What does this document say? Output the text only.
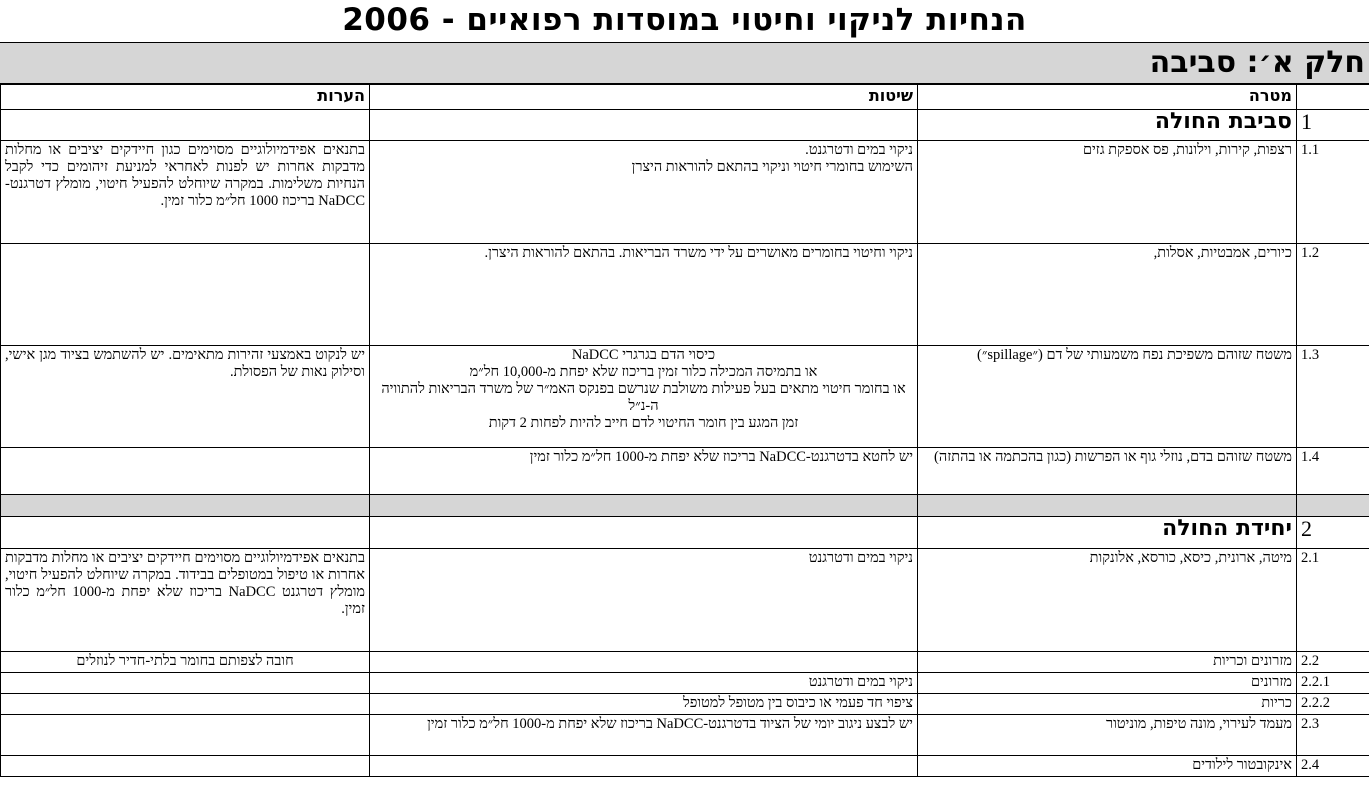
הנחיות לניקוי וחיטוי במוסדות רפואיים - 2006
חלק א׳: סביבה
	מטרה	שיטות	הערות
1	סביבת החולה		
1.1	רצפות, קירות, וילונות, פס אספקת גזים	ניקוי במים ודטרגנט.
השימוש בחומרי חיטוי וניקוי בהתאם להוראות היצרן	בתנאים אפידמיולוגיים מסוימים כגון חיידקים יציבים או מחלות מדבקות אחרות יש לפנות לאחראי למניעת זיהומים כדי לקבל הנחיות משלימות. במקרה שיוחלט להפעיל חיטוי, מומלץ דטרגנט-NaDCC בריכוז 1000 חל״מ כלור זמין.
1.2	כיורים, אמבטיות, אסלות,	ניקוי וחיטוי בחומרים מאושרים על ידי משרד הבריאות. בהתאם להוראות היצרן.	
1.3	משטח שזוהם משפיכת נפח משמעותי של דם (״spillage״)	כיסוי הדם בגרגרי NaDCC
או בתמיסה המכילה כלור זמין בריכוז שלא יפחת מ-10,000 חל״מ
או בחומר חיטוי מתאים בעל פעילות משולבת שנרשם בפנקס האמ״ר של משרד הבריאות להתוויה ה-נ״ל
זמן המגע בין חומר החיטוי לדם חייב להיות לפחות 2 דקות	יש לנקוט באמצעי זהירות מתאימים. יש להשתמש בציוד מגן אישי, וסילוק נאות של הפסולת.
1.4	משטח שזוהם בדם, נוזלי גוף או הפרשות (כגון בהכתמה או בהתזה)	יש לחטא בדטרגנט-NaDCC בריכוז שלא יפחת מ-1000 חל״מ כלור זמין	

2	יחידת החולה		
2.1	מיטה, ארונית, כיסא, כורסא, אלונקות	ניקוי במים ודטרגנט	בתנאים אפידמיולוגיים מסוימים חיידקים יציבים או מחלות מדבקות אחרות או טיפול במטופלים בבידוד. במקרה שיוחלט להפעיל חיטוי, מומלץ דטרגנט NaDCC בריכוז שלא יפחת מ-1000 חל״מ כלור זמין.
2.2	מזרונים וכריות		חובה לצפותם בחומר בלתי-חדיר לנוזלים
2.2.1	מזרונים	ניקוי במים ודטרגנט	
2.2.2	כריות	ציפוי חד פעמי או כיבוס בין מטופל למטופל	
2.3	מעמד לעירוי, מונה טיפות, מוניטור	יש לבצע ניגוב יומי של הציוד בדטרגנט-NaDCC בריכוז שלא יפחת מ-1000 חל״מ כלור זמין	
2.4	אינקובטור לילודים		
